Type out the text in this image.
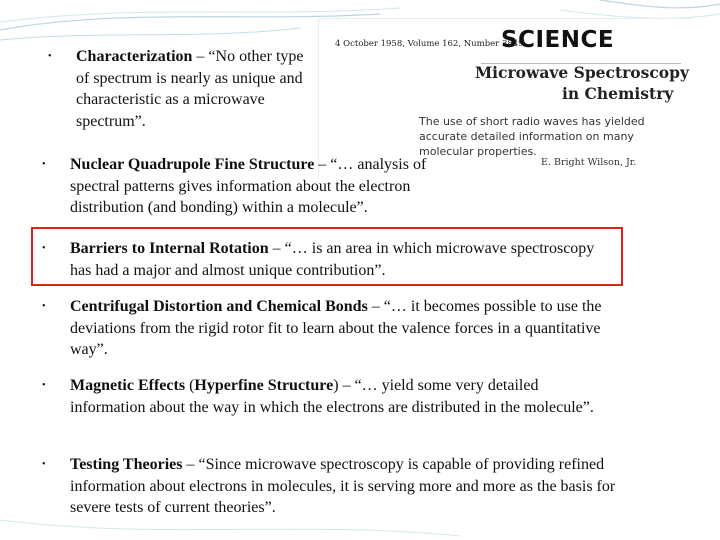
4 October 1958, Volume 162, Number 3849
SCIENCE
Microwave Spectroscopy
in Chemistry
The use of short radio waves has yielded accurate detailed information on many molecular properties.
E. Bright Wilson, Jr.
• Characterization – “No other type of spectrum is nearly as unique and characteristic as a microwave spectrum”.
• Nuclear Quadrupole Fine Structure – “… analysis of spectral patterns gives information about the electron distribution (and bonding) within a molecule”.
• Barriers to Internal Rotation – “… is an area in which microwave spectroscopy has had a major and almost unique contribution”.
• Centrifugal Distortion and Chemical Bonds – “… it becomes possible to use the deviations from the rigid rotor fit to learn about the valence forces in a quantitative way”.
• Magnetic Effects (Hyperfine Structure) – “… yield some very detailed information about the way in which the electrons are distributed in the molecule”.
• Testing Theories – “Since microwave spectroscopy is capable of providing refined information about electrons in molecules, it is serving more and more as the basis for severe tests of current theories”.
